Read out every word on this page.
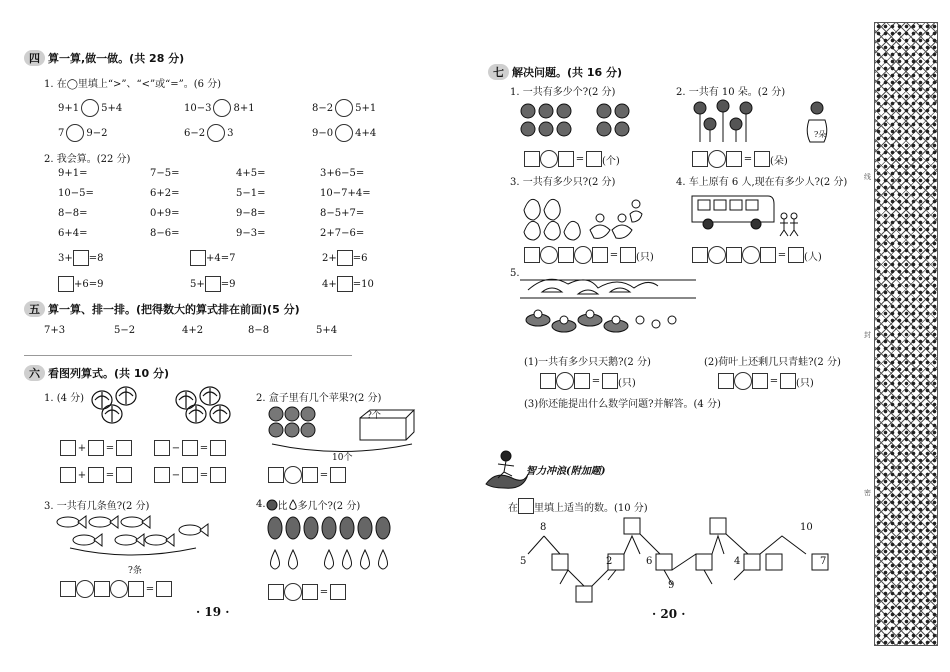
四 算一算,做一做。(共 28 分)
1. 在◯里填上“>”、“<”或“=”。(6 分)
9+1 5+4	10−3 8+1	8−2 5+1
7 9−2	6−2 3	9−0 4+4
2. 我会算。(22 分)
9+1=	7−5=	4+5=	3+6−5=
10−5=	6+2=	5−1=	10−7+4=
8−8=	0+9=	9−8=	8−5+7=
6+4=	8−6=	9−3=	2+7−6=
3+ =8	+4=7	2+ =6
+6=9	5+ =9	4+ =10
五 算一算、排一排。(把得数大的算式排在前面)(5 分)
7+3	5−2	4+2	8−8	5+4
六 看图列算式。(共 10 分)
1. (4 分)
+ =	− =
+ =	− =
2. 盒子里有几个苹果?(2 分)
?个
10个
=
3. 一共有几条鱼?(2 分)
?条
=
4. 比 多几个?(2 分)
=
· 19 ·
七 解决问题。(共 16 分)
1. 一共有多少个?(2 分)
= (个)
2. 一共有 10 朵。(2 分)
?朵
= (朵)
3. 一共有多少只?(2 分)
= (只)
4. 车上原有 6 人,现在有多少人?(2 分)
= (人)
5.
(1)一共有多少只天鹅?(2 分)
= (只)
(2)荷叶上还剩几只青蛙?(2 分)
= (只)
(3)你还能提出什么数学问题?并解答。(4 分)
智力冲浪(附加题)
在 里填上适当的数。(10 分)
8
5	2	6
9
4
10
7
· 20 ·
线
封
密
